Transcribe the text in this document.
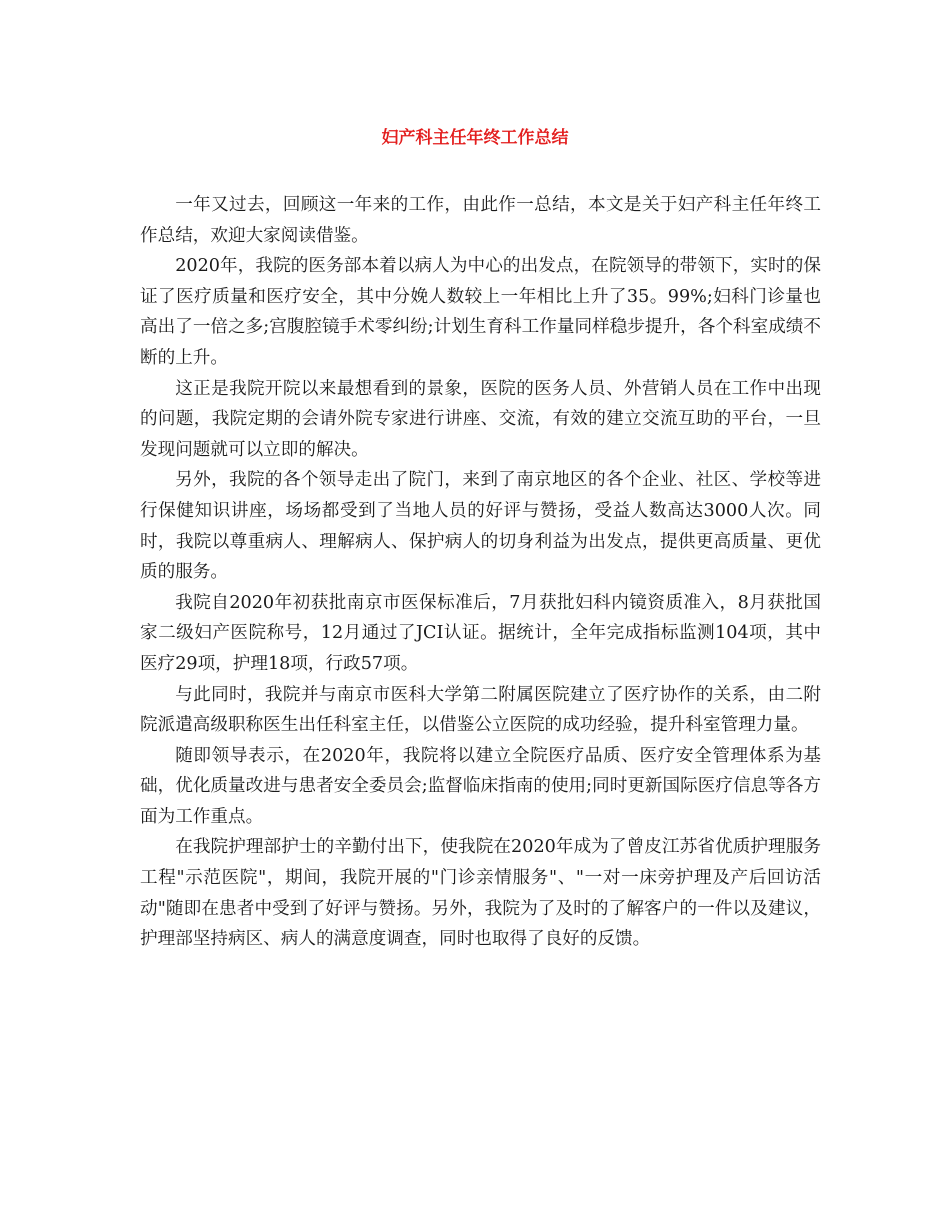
妇产科主任年终工作总结

一年又过去，回顾这一年来的工作，由此作一总结，本文是关于妇产科主任年终工作总结，欢迎大家阅读借鉴。

2020年，我院的医务部本着以病人为中心的出发点，在院领导的带领下，实时的保证了医疗质量和医疗安全，其中分娩人数较上一年相比上升了35。99%;妇科门诊量也高出了一倍之多;宫腹腔镜手术零纠纷;计划生育科工作量同样稳步提升，各个科室成绩不断的上升。

这正是我院开院以来最想看到的景象，医院的医务人员、外营销人员在工作中出现的问题，我院定期的会请外院专家进行讲座、交流，有效的建立交流互助的平台，一旦发现问题就可以立即的解决。

另外，我院的各个领导走出了院门，来到了南京地区的各个企业、社区、学校等进行保健知识讲座，场场都受到了当地人员的好评与赞扬，受益人数高达3000人次。同时，我院以尊重病人、理解病人、保护病人的切身利益为出发点，提供更高质量、更优质的服务。

我院自2020年初获批南京市医保标准后，7月获批妇科内镜资质准入，8月获批国家二级妇产医院称号，12月通过了JCI认证。据统计，全年完成指标监测104项，其中医疗29项，护理18项，行政57项。

与此同时，我院并与南京市医科大学第二附属医院建立了医疗协作的关系，由二附院派遣高级职称医生出任科室主任，以借鉴公立医院的成功经验，提升科室管理力量。

随即领导表示，在2020年，我院将以建立全院医疗品质、医疗安全管理体系为基础，优化质量改进与患者安全委员会;监督临床指南的使用;同时更新国际医疗信息等各方面为工作重点。

在我院护理部护士的辛勤付出下，使我院在2020年成为了曾皮江苏省优质护理服务工程"示范医院"，期间，我院开展的"门诊亲情服务"、"一对一床旁护理及产后回访活动"随即在患者中受到了好评与赞扬。另外，我院为了及时的了解客户的一件以及建议，护理部坚持病区、病人的满意度调查，同时也取得了良好的反馈。
